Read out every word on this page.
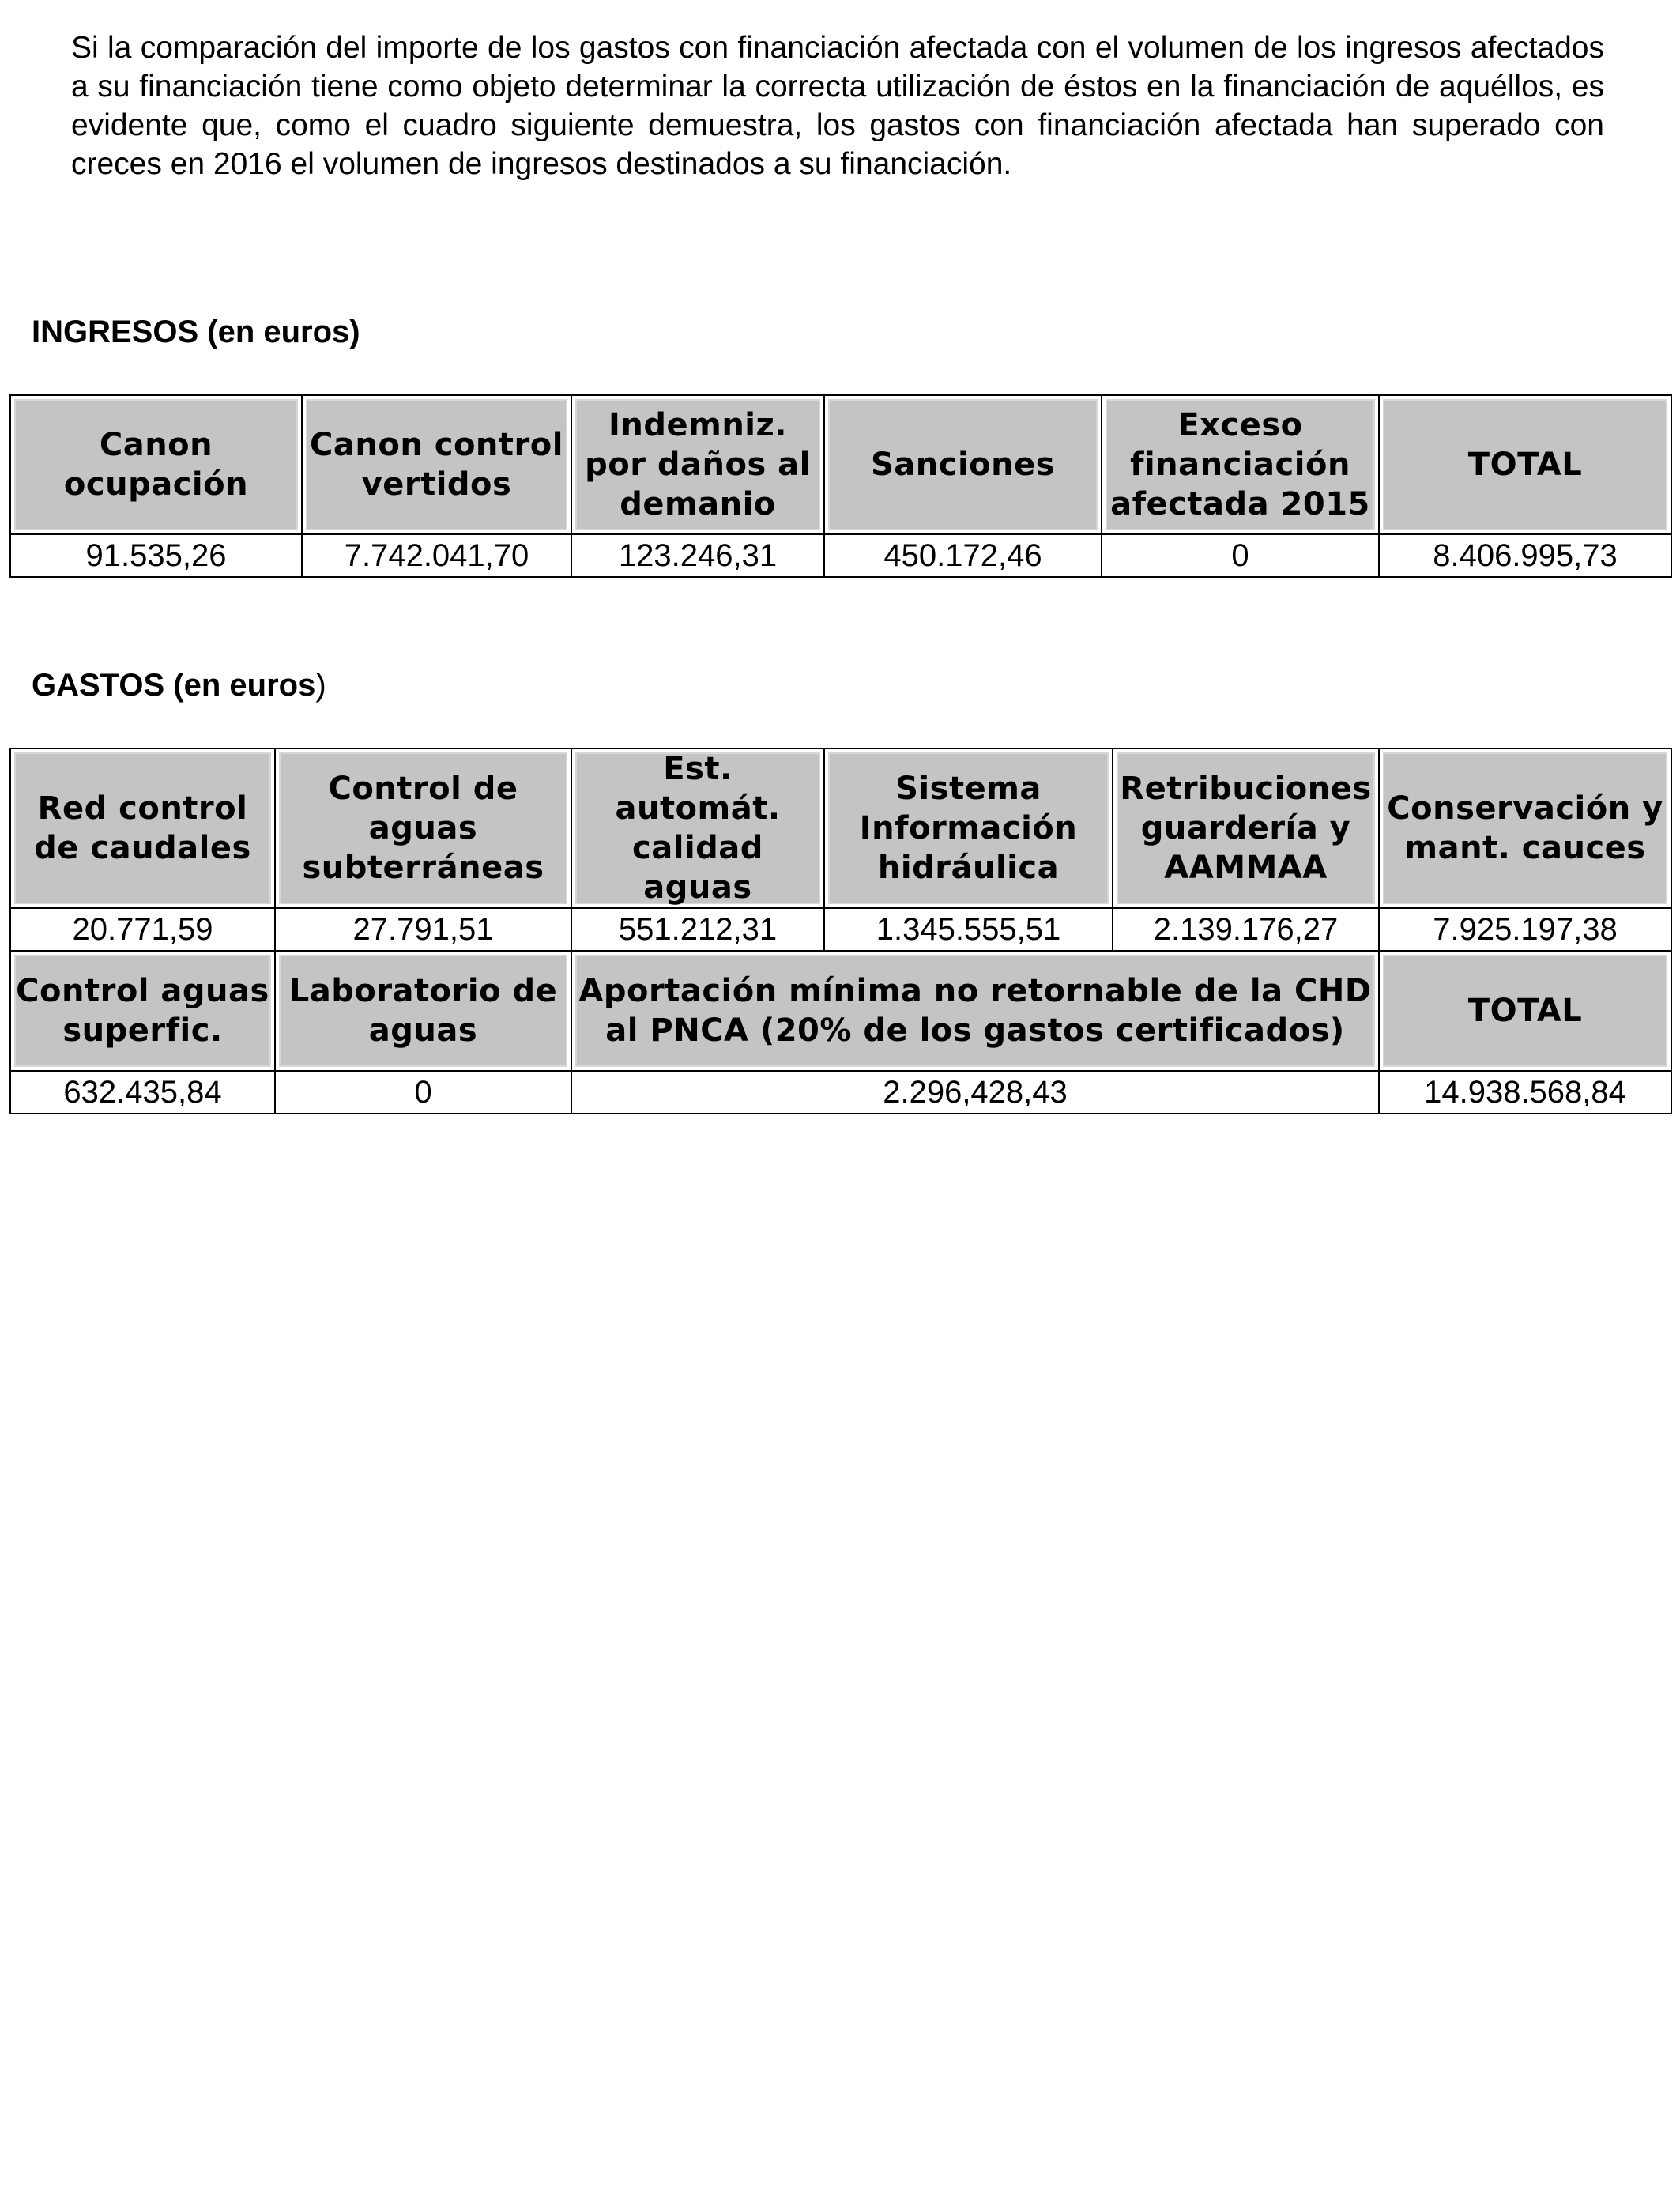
Si la comparación del importe de los gastos con financiación afectada con el volumen de los ingresos afectados a su financiación tiene como objeto determinar la correcta utilización de éstos en la financiación de aquéllos, es evidente que, como el cuadro siguiente demuestra, los gastos con financiación afectada han superado con creces en 2016 el volumen de ingresos destinados a su financiación.

INGRESOS (en euros)
Canon ocupación	Canon control vertidos	Indemniz. por daños al demanio	Sanciones	Exceso financiación afectada 2015	TOTAL
91.535,26	7.742.041,70	123.246,31	450.172,46	0	8.406.995,73
GASTOS (en euros)
Red control de caudales	Control de aguas subterráneas	Est. automát. calidad aguas	Sistema Información hidráulica	Retribuciones guardería y AAMMAA	Conservación y mant. cauces
20.771,59	27.791,51	551.212,31	1.345.555,51	2.139.176,27	7.925.197,38
Control aguas superfic.	Laboratorio de aguas	Aportación mínima no retornable de la CHD al PNCA (20% de los gastos certificados)			TOTAL
632.435,84	0	2.296,428,43			14.938.568,84
